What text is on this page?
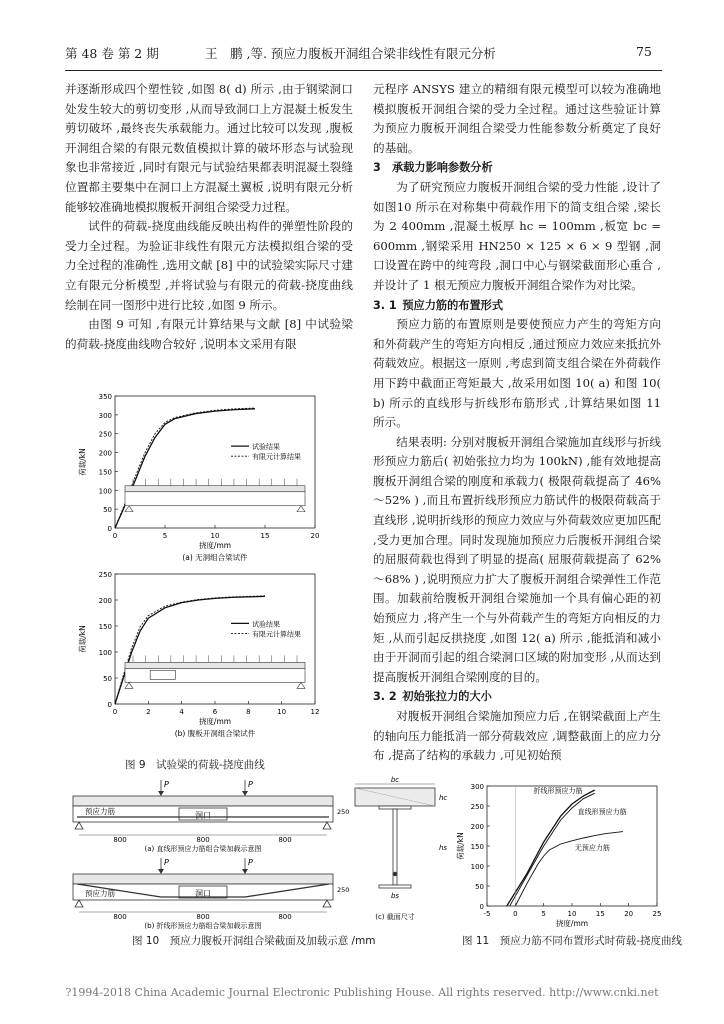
第 48 卷 第 2 期	王　鹏 ,等. 预应力腹板开洞组合梁非线性有限元分析	75

并逐渐形成四个塑性铰 ,如图 8( d) 所示 ,由于钢梁洞口处发生较大的剪切变形 ,从而导致洞口上方混凝土板发生剪切破坏 ,最终丧失承载能力。通过比较可以发现 ,腹板开洞组合梁的有限元数值模拟计算的破坏形态与试验现象也非常接近 ,同时有限元与试验结果都表明混凝土裂缝位置都主要集中在洞口上方混凝土翼板 ,说明有限元分析能够较准确地模拟腹板开洞组合梁受力过程。

试件的荷载-挠度曲线能反映出构件的弹塑性阶段的受力全过程。为验证非线性有限元方法模拟组合梁的受力全过程的准确性 ,选用文献 [8] 中的试验梁实际尺寸建立有限元分析模型 ,并将试验与有限元的荷载-挠度曲线绘制在同一图形中进行比较 ,如图 9 所示。

由图 9 可知 ,有限元计算结果与文献 [8] 中试验梁的荷载-挠度曲线吻合较好 ,说明本文采用有限

元程序 ANSYS 建立的精细有限元模型可以较为准确地模拟腹板开洞组合梁的受力全过程。通过这些验证计算为预应力腹板开洞组合梁受力性能参数分析奠定了良好的基础。

3  承载力影响参数分析

为了研究预应力腹板开洞组合梁的受力性能 ,设计了如图10 所示在对称集中荷载作用下的简支组合梁 ,梁长为 2 400mm ,混凝土板厚 hc = 100mm ,板宽 bc = 600mm ,钢梁采用 HN250 × 125 × 6 × 9 型钢 ,洞口设置在跨中的纯弯段 ,洞口中心与钢梁截面形心重合 ,并设计了 1 根无预应力腹板开洞组合梁作为对比梁。

3. 1  预应力筋的布置形式

预应力筋的布置原则是要使预应力产生的弯矩方向和外荷载产生的弯矩方向相反 ,通过预应力效应来抵抗外荷载效应。根据这一原则 ,考虑到简支组合梁在外荷载作用下跨中截面正弯矩最大 ,故采用如图 10( a) 和图 10( b) 所示的直线形与折线形布筋形式 ,计算结果如图 11 所示。

结果表明: 分别对腹板开洞组合梁施加直线形与折线形预应力筋后( 初始张拉力均为 100kN) ,能有效地提高腹板开洞组合梁的刚度和承载力( 极限荷载提高了 46% ～52% ) ,而且布置折线形预应力筋试件的极限荷载高于直线形 ,说明折线形的预应力效应与外荷载效应更加匹配 ,受力更加合理。同时发现施加预应力后腹板开洞组合梁的屈服荷载也得到了明显的提高( 屈服荷载提高了 62% ～68% ) ,说明预应力扩大了腹板开洞组合梁弹性工作范围。加载前给腹板开洞组合梁施加一个具有偏心距的初始预应力 ,将产生一个与外荷载产生的弯矩方向相反的力矩 ,从而引起反拱挠度 ,如图 12( a) 所示 ,能抵消和减小由于开洞而引起的组合梁洞口区域的附加变形 ,从而达到提高腹板开洞组合梁刚度的目的。

3. 2  初始张拉力的大小

对腹板开洞组合梁施加预应力后 ,在钢梁截面上产生的轴向压力能抵消一部分荷载效应 ,调整截面上的应力分布 ,提高了结构的承载力 ,可见初始预

0
50
100
150
200
250
300
350
0	5	10	15	20
挠度/mm
荷载/kN
试验结果
有限元计算结果
(a) 无洞组合梁试件
0
50
100
150
200
250
0	2	4	6	8	10	12
挠度/mm
荷载/kN
试验结果
有限元计算结果
(b) 腹板开洞组合梁试件
图 9　试验梁的荷载-挠度曲线
洞口
预应力筋
P	P
800	800	800
250
(a) 直线形预应力筋组合梁加载示意图
洞口
预应力筋
P	P
800	800	800
250
(b) 折线形预应力筋组合梁加载示意图
bc
hc
hs
bs
(c) 截面尺寸
图 10　预应力腹板开洞组合梁截面及加载示意 /mm
0
50
100
150
200
250
300
-5	0	5	10	15	20	25
挠度/mm
荷载/kN
折线形预应力筋
直线形预应力筋
无预应力筋
图 11　预应力筋不同布置形式时荷载-挠度曲线
?1994-2018 China Academic Journal Electronic Publishing House. All rights reserved. http://www.cnki.net
